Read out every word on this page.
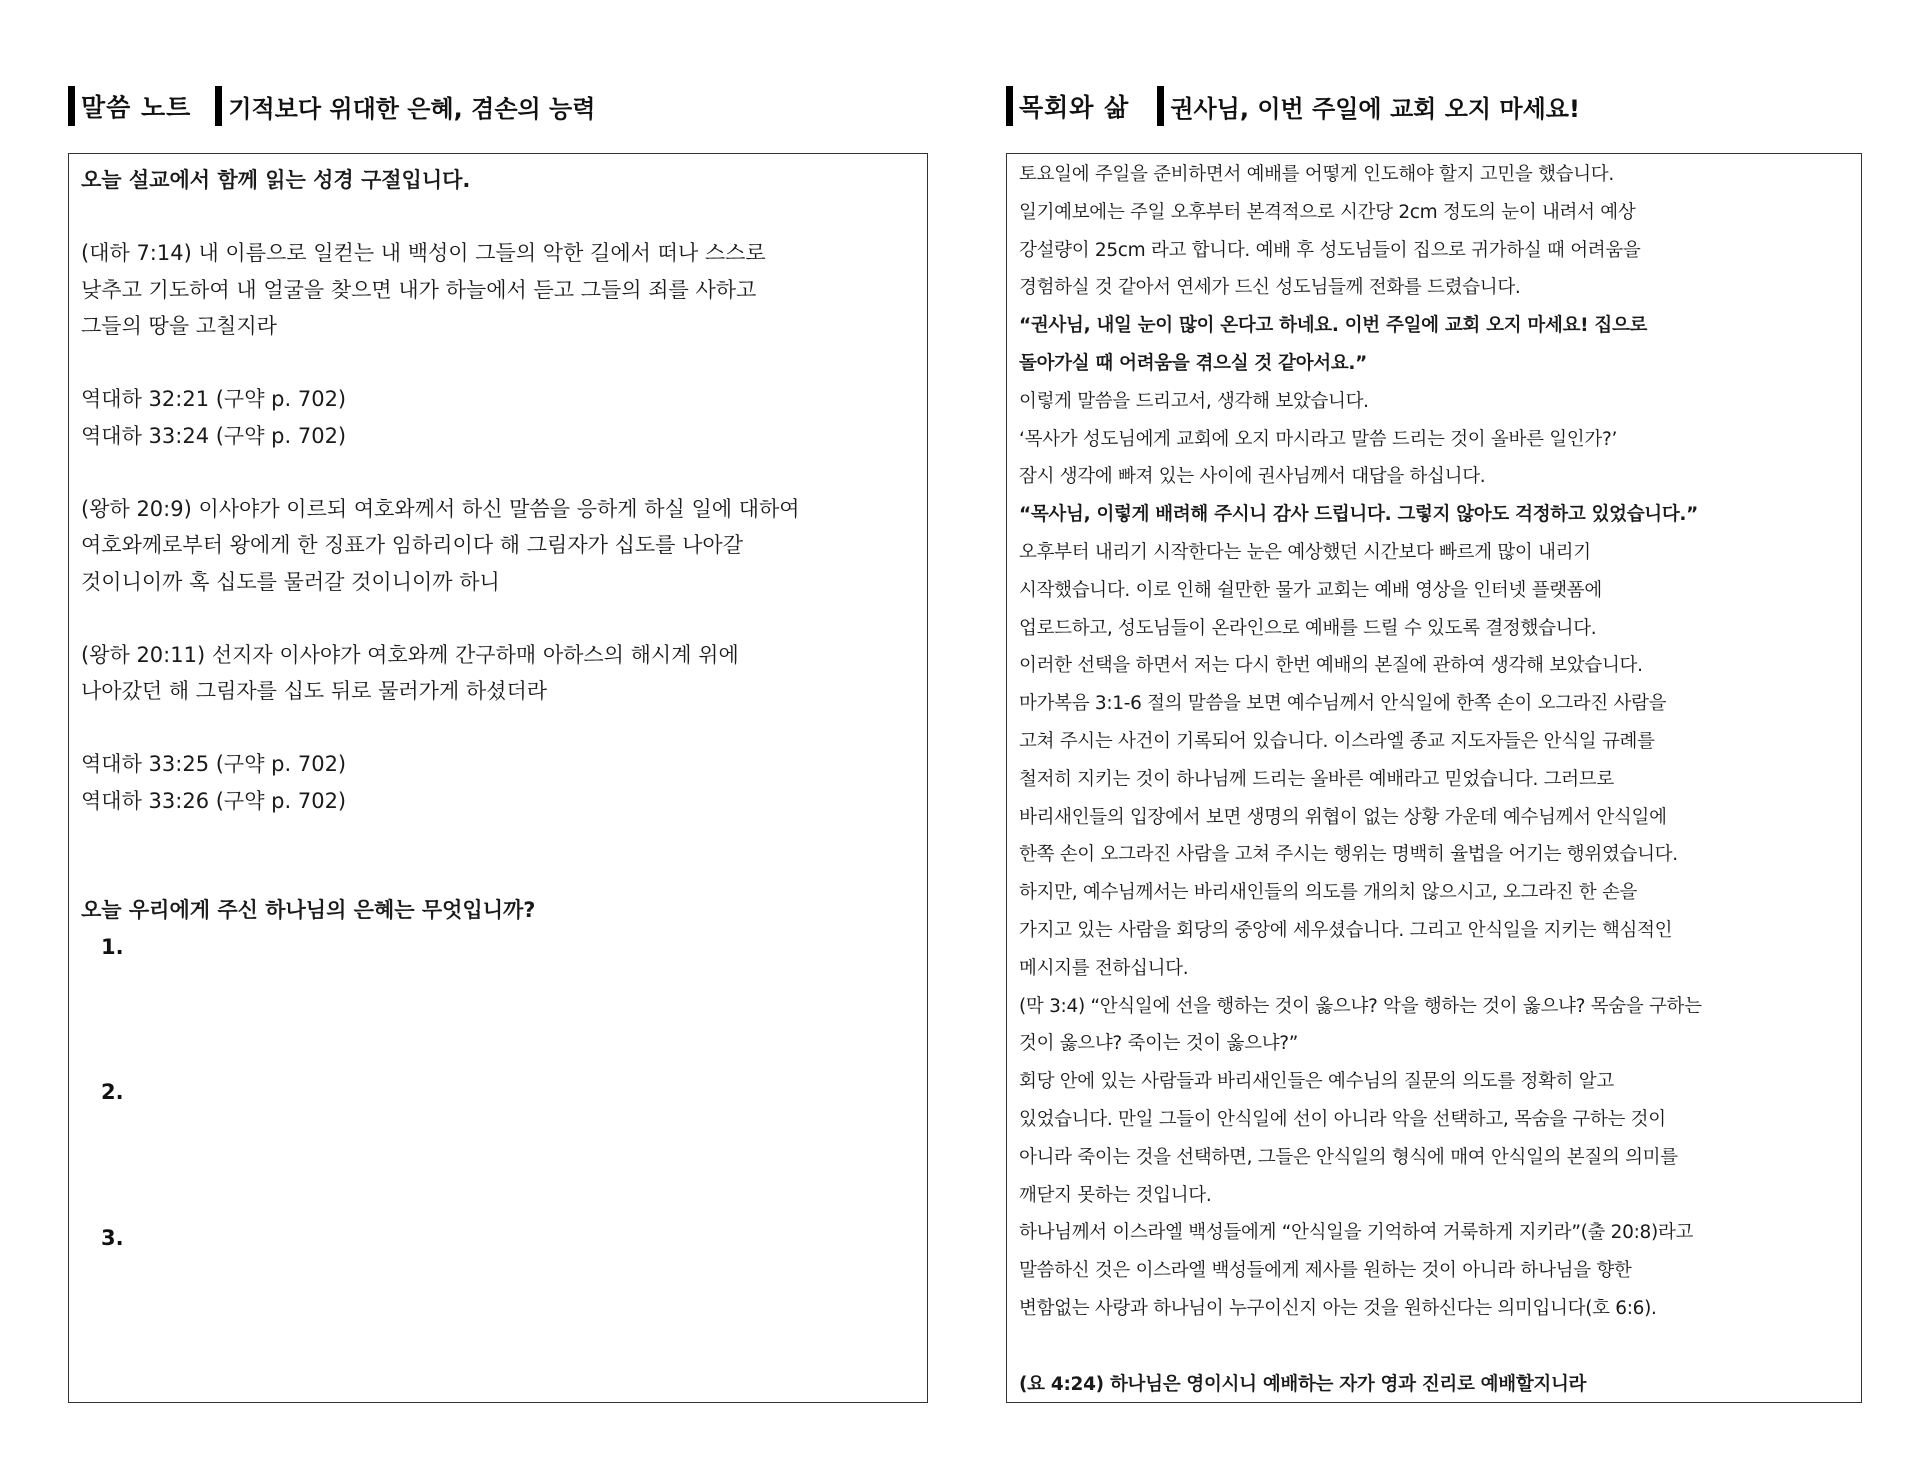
말씀 노트 기적보다 위대한 은혜, 겸손의 능력
오늘 설교에서 함께 읽는 성경 구절입니다.
(대하 7:14) 내 이름으로 일컫는 내 백성이 그들의 악한 길에서 떠나 스스로
낮추고 기도하여 내 얼굴을 찾으면 내가 하늘에서 듣고 그들의 죄를 사하고
그들의 땅을 고칠지라
역대하 32:21 (구약 p. 702)
역대하 33:24 (구약 p. 702)
(왕하 20:9) 이사야가 이르되 여호와께서 하신 말씀을 응하게 하실 일에 대하여
여호와께로부터 왕에게 한 징표가 임하리이다 해 그림자가 십도를 나아갈
것이니이까 혹 십도를 물러갈 것이니이까 하니
(왕하 20:11) 선지자 이사야가 여호와께 간구하매 아하스의 해시계 위에
나아갔던 해 그림자를 십도 뒤로 물러가게 하셨더라
역대하 33:25 (구약 p. 702)
역대하 33:26 (구약 p. 702)
오늘 우리에게 주신 하나님의 은혜는 무엇입니까?
1.
2.
3.
목회와 삶 권사님, 이번 주일에 교회 오지 마세요!
토요일에 주일을 준비하면서 예배를 어떻게 인도해야 할지 고민을 했습니다.
일기예보에는 주일 오후부터 본격적으로 시간당 2cm 정도의 눈이 내려서 예상
강설량이 25cm 라고 합니다. 예배 후 성도님들이 집으로 귀가하실 때 어려움을
경험하실 것 같아서 연세가 드신 성도님들께 전화를 드렸습니다.
“권사님, 내일 눈이 많이 온다고 하네요. 이번 주일에 교회 오지 마세요! 집으로
돌아가실 때 어려움을 겪으실 것 같아서요.”
이렇게 말씀을 드리고서, 생각해 보았습니다.
‘목사가 성도님에게 교회에 오지 마시라고 말씀 드리는 것이 올바른 일인가?’
잠시 생각에 빠져 있는 사이에 권사님께서 대답을 하십니다.
“목사님, 이렇게 배려해 주시니 감사 드립니다. 그렇지 않아도 걱정하고 있었습니다.”
오후부터 내리기 시작한다는 눈은 예상했던 시간보다 빠르게 많이 내리기
시작했습니다. 이로 인해 쉴만한 물가 교회는 예배 영상을 인터넷 플랫폼에
업로드하고, 성도님들이 온라인으로 예배를 드릴 수 있도록 결정했습니다.
이러한 선택을 하면서 저는 다시 한번 예배의 본질에 관하여 생각해 보았습니다.
마가복음 3:1-6 절의 말씀을 보면 예수님께서 안식일에 한쪽 손이 오그라진 사람을
고쳐 주시는 사건이 기록되어 있습니다. 이스라엘 종교 지도자들은 안식일 규례를
철저히 지키는 것이 하나님께 드리는 올바른 예배라고 믿었습니다. 그러므로
바리새인들의 입장에서 보면 생명의 위협이 없는 상황 가운데 예수님께서 안식일에
한쪽 손이 오그라진 사람을 고쳐 주시는 행위는 명백히 율법을 어기는 행위였습니다.
하지만, 예수님께서는 바리새인들의 의도를 개의치 않으시고, 오그라진 한 손을
가지고 있는 사람을 회당의 중앙에 세우셨습니다. 그리고 안식일을 지키는 핵심적인
메시지를 전하십니다.
(막 3:4) “안식일에 선을 행하는 것이 옳으냐? 악을 행하는 것이 옳으냐? 목숨을 구하는
것이 옳으냐? 죽이는 것이 옳으냐?”
회당 안에 있는 사람들과 바리새인들은 예수님의 질문의 의도를 정확히 알고
있었습니다. 만일 그들이 안식일에 선이 아니라 악을 선택하고, 목숨을 구하는 것이
아니라 죽이는 것을 선택하면, 그들은 안식일의 형식에 매여 안식일의 본질의 의미를
깨닫지 못하는 것입니다.
하나님께서 이스라엘 백성들에게 “안식일을 기억하여 거룩하게 지키라”(출 20:8)라고
말씀하신 것은 이스라엘 백성들에게 제사를 원하는 것이 아니라 하나님을 향한
변함없는 사랑과 하나님이 누구이신지 아는 것을 원하신다는 의미입니다(호 6:6).
(요 4:24) 하나님은 영이시니 예배하는 자가 영과 진리로 예배할지니라
